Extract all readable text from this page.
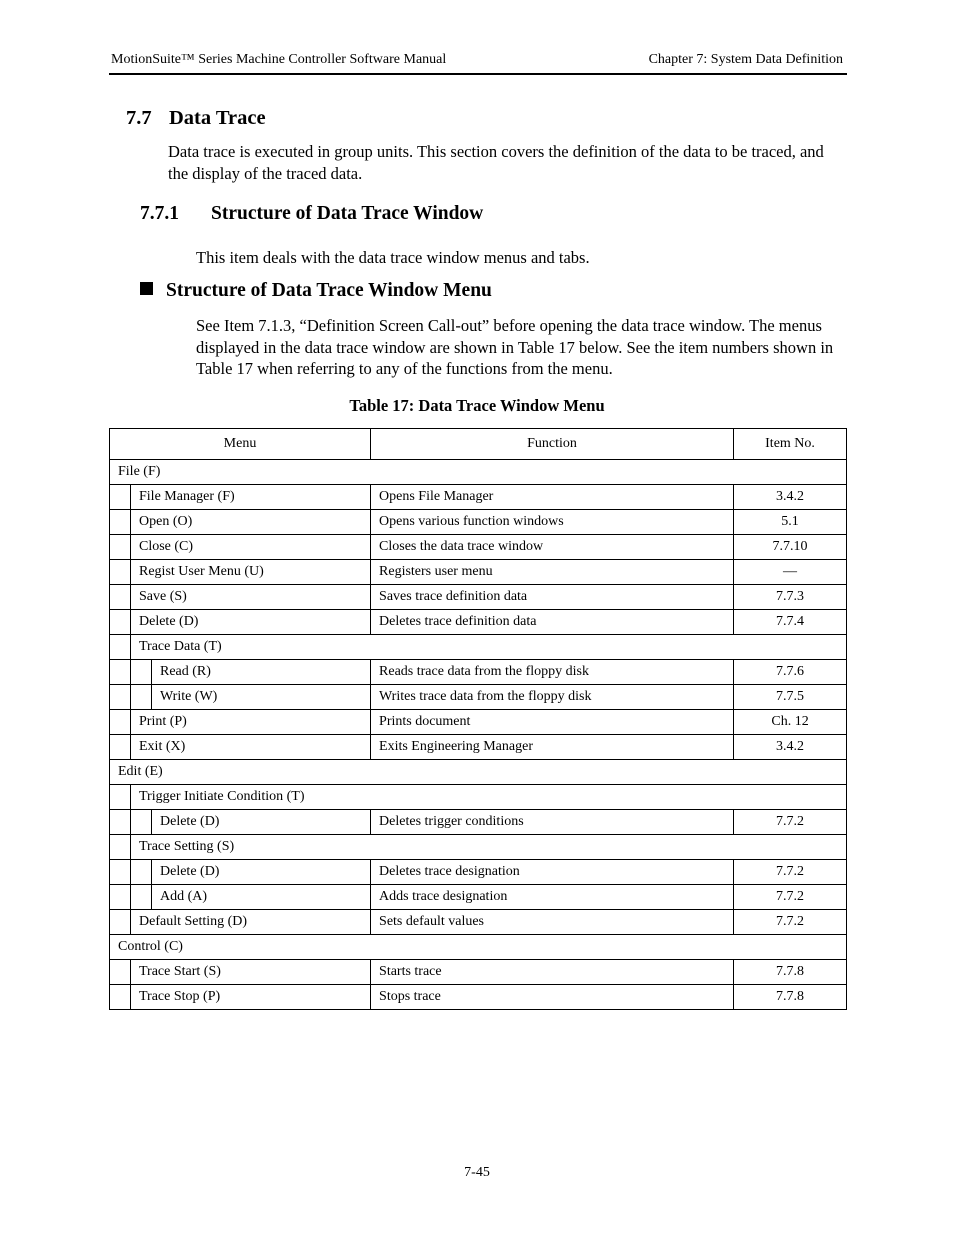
MotionSuite™ Series Machine Controller Software Manual	Chapter 7: System Data Definition
7.7 Data Trace
Data trace is executed in group units. This section covers the definition of the data to be traced, and the display of the traced data.
7.7.1 Structure of Data Trace Window
This item deals with the data trace window menus and tabs.
Structure of Data Trace Window Menu
See Item 7.1.3, “Definition Screen Call-out” before opening the data trace window. The menus displayed in the data trace window are shown in Table 17 below. See the item numbers shown in Table 17 when referring to any of the functions from the menu.
Table 17: Data Trace Window Menu
Menu			Function	Item No.
File (F)				
	File Manager (F)		Opens File Manager	3.4.2
	Open (O)		Opens various function windows	5.1
	Close (C)		Closes the data trace window	7.7.10
	Regist User Menu (U)		Registers user menu	—
	Save (S)		Saves trace definition data	7.7.3
	Delete (D)		Deletes trace definition data	7.7.4
	Trace Data (T)			
		Read (R)	Reads trace data from the floppy disk	7.7.6
		Write (W)	Writes trace data from the floppy disk	7.7.5
	Print (P)		Prints document	Ch. 12
	Exit (X)		Exits Engineering Manager	3.4.2
Edit (E)				
	Trigger Initiate Condition (T)			
		Delete (D)	Deletes trigger conditions	7.7.2
	Trace Setting (S)			
		Delete (D)	Deletes trace designation	7.7.2
		Add (A)	Adds trace designation	7.7.2
	Default Setting (D)		Sets default values	7.7.2
Control (C)				
	Trace Start (S)		Starts trace	7.7.8
	Trace Stop (P)		Stops trace	7.7.8
7-45
